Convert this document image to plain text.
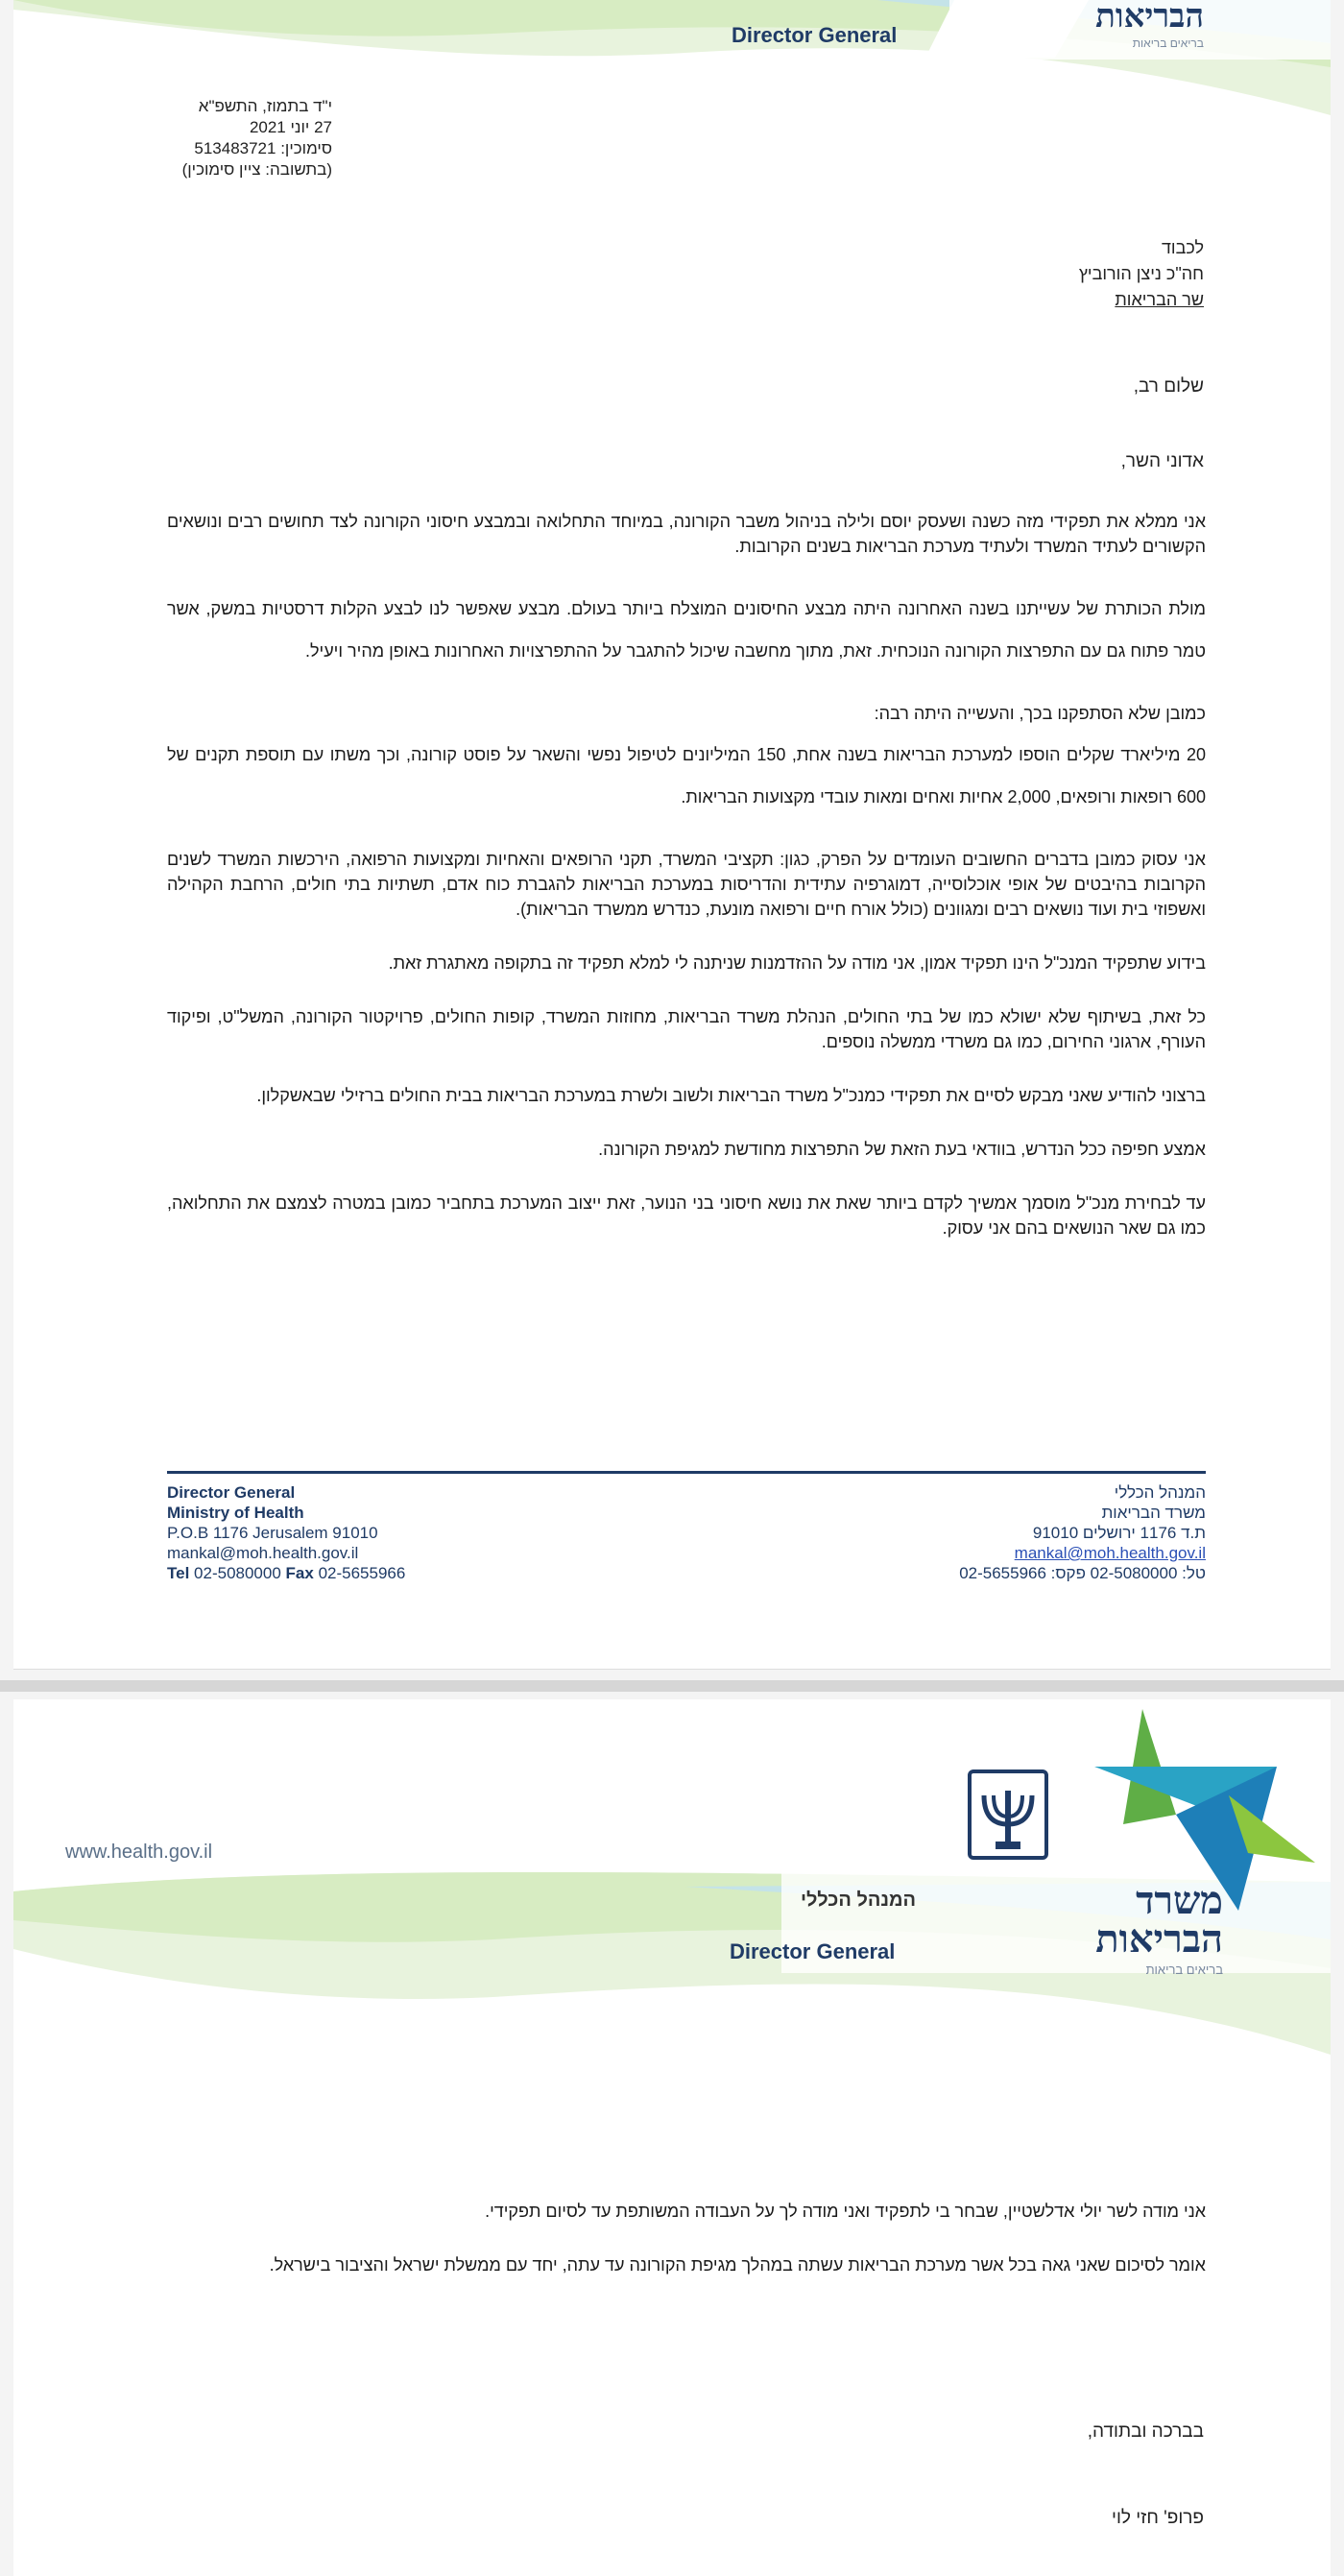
הבריאות
בריאים בריאות
Director General
י"ד בתמוז, התשפ"א
27 יוני 2021
סימוכין: 513483721
(בתשובה: ציין סימוכין)
לכבוד
חה"כ ניצן הורוביץ
שר הבריאות
שלום רב,
אדוני השר,

אני ממלא את תפקידי מזה כשנה ושעסק יוסם ולילה בניהול משבר הקורונה, במיוחד התחלואה ובמבצע חיסוני הקורונה לצד תחושים רבים ונושאים הקשורים לעתיד המשרד ולעתיד מערכת הבריאות בשנים הקרובות.

מולת הכותרת של עשייתנו בשנה האחרונה היתה מבצע החיסונים המוצלח ביותר בעולם. מבצע שאפשר לנו לבצע הקלות דרסטיות במשק, אשר טמר פתוח גם עם התפרצות הקורונה הנוכחית. זאת, מתוך מחשבה שיכול להתגבר על ההתפרצויות האחרונות באופן מהיר ויעיל.

כמובן שלא הסתפקנו בכך, והעשייה היתה רבה:

20 מיליארד שקלים הוספו למערכת הבריאות בשנה אחת, 150 המיליונים לטיפול נפשי והשאר על פוסט קורונה, וכך משתו עם תוספת תקנים של 600 רופאות ורופאים, 2,000 אחיות ואחים ומאות עובדי מקצועות הבריאות.

אני עסוק כמובן בדברים החשובים העומדים על הפרק, כגון: תקציבי המשרד, תקני הרופאים והאחיות ומקצועות הרפואה, הירכשות המשרד לשנים הקרובות בהיבטים של אופי אוכלוסייה, דמוגרפיה עתידית והדריסות במערכת הבריאות להגברת כוח אדם, תשתיות בתי חולים, הרחבת הקהילה ואשפוזי בית ועוד נושאים רבים ומגוונים (כולל אורח חיים ורפואה מונעת, כנדרש ממשרד הבריאות).

בידוע שתפקיד המנכ"ל הינו תפקיד אמון, אני מודה על ההזדמנות שניתנה לי למלא תפקיד זה בתקופה מאתגרת זאת.

כל זאת, בשיתוף שלא ישולא כמו של בתי החולים, הנהלת משרד הבריאות, מחוזות המשרד, קופות החולים, פרויקטור הקורונה, המשל"ט, ופיקוד העורף, ארגוני החירום, כמו גם משרדי ממשלה נוספים.

ברצוני להודיע שאני מבקש לסיים את תפקידי כמנכ"ל משרד הבריאות ולשוב ולשרת במערכת הבריאות בבית החולים ברזילי שבאשקלון.

אמצע חפיפה ככל הנדרש, בוודאי בעת הזאת של התפרצות מחודשת למגיפת הקורונה.

עד לבחירת מנכ"ל מוסמך אמשיך לקדם ביותר שאת את נושא חיסוני בני הנוער, זאת ייצוב המערכת בתחביר כמובן במטרה לצמצם את התחלואה, כמו גם שאר הנושאים בהם אני עסוק.

Director General
Ministry of Health
P.O.B 1176 Jerusalem 91010
mankal@moh.health.gov.il
Tel 02-5080000 Fax 02-5655966
המנהל הכללי
משרד הבריאות
ת.ד 1176 ירושלים 91010
mankal@moh.health.gov.il
טל: 02-5080000 פקס: 02-5655966
www.health.gov.il
משרד
הבריאות
בריאים בריאות
המנהל הכללי
Director General

אני מודה לשר יולי אדלשטיין, שבחר בי לתפקיד ואני מודה לך על העבודה המשותפת עד לסיום תפקידי.

אומר לסיכום שאני גאה בכל אשר מערכת הבריאות עשתה במהלך מגיפת הקורונה עד עתה, יחד עם ממשלת ישראל והציבור בישראל.

בברכה ובתודה,
פרופ' חזי לוי
